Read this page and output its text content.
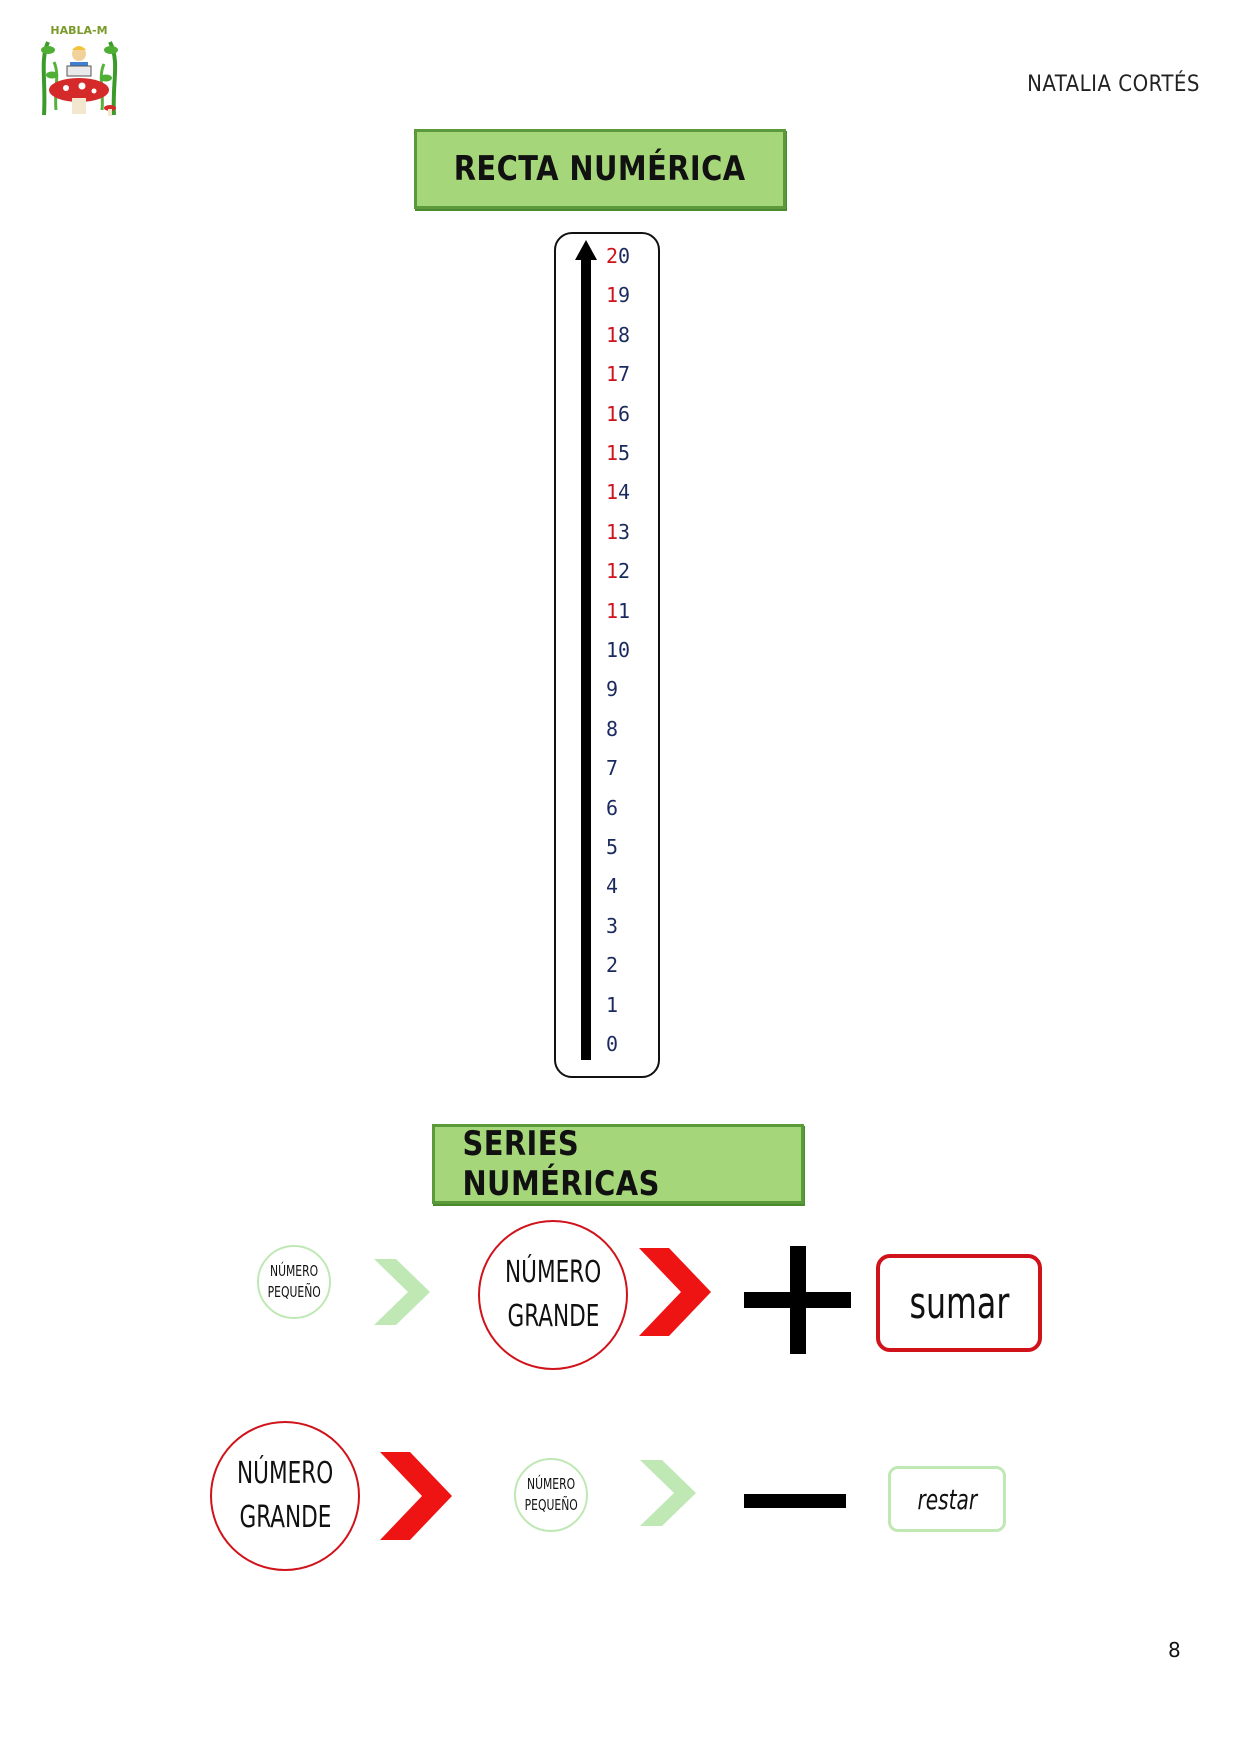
HABLA-M
NATALIA CORTÉS
RECTA NUMÉRICA
20
19
18
17
16
15
14
13
12
11
10
9
8
7
6
5
4
3
2
1
0
SERIES NUMÉRICAS
NÚMERO
PEQUEÑO
NÚMERO
GRANDE	sumar
NÚMERO
GRANDE
NÚMERO
PEQUEÑO	restar
8
